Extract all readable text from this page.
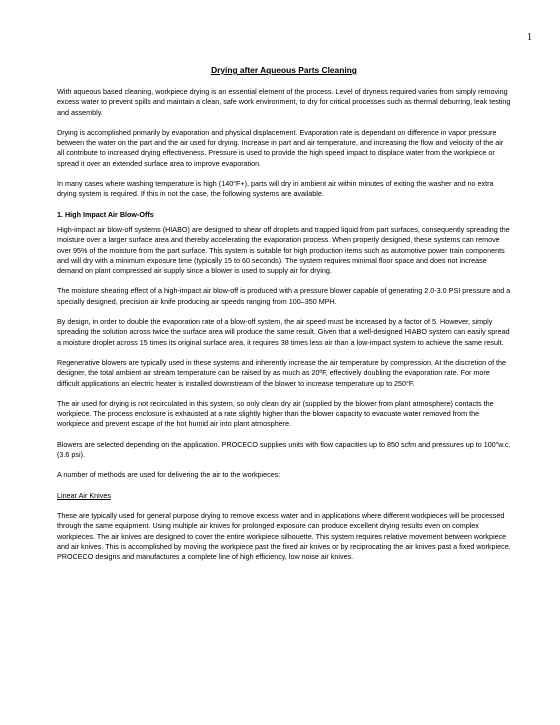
1
Drying after Aqueous Parts Cleaning

With aqueous based cleaning, workpiece drying is an essential element of the process. Level of dryness required varies from simply removing excess water to prevent spills and maintain a clean, safe work environment, to dry for critical processes such as thermal deburring, leak testing and assembly.

Drying is accomplished primarily by evaporation and physical displacement. Evaporation rate is dependant on difference in vapor pressure between the water on the part and the air used for drying. Increase in part and air temperature, and increasing the flow and velocity of the air all contribute to increased drying effectiveness. Pressure is used to provide the high speed impact to displace water from the workpiece or spread it over an extended surface area to improve evaporation.

In many cases where washing temperature is high (140°F+), parts will dry in ambient air within minutes of exiting the washer and no extra drying system is required. If this in not the case, the following systems are available.

1. High Impact Air Blow-Offs

High-impact air blow-off systems (HIABO) are designed to shear off droplets and trapped liquid from part surfaces, consequently spreading the moisture over a larger surface area and thereby accelerating the evaporation process. When properly designed, these systems can remove over 95% of the moisture from the part surface. This system is suitable for high production items such as automotive power train components and will dry with a minimum exposure time (typically 15 to 60 seconds). The system requires minimal floor space and does not increase demand on plant compressed air supply since a blower is used to supply air for drying.

The moisture shearing effect of a high-impact air blow-off is produced with a pressure blower capable of generating 2.0-3.0 PSI pressure and a specially designed, precision air knife producing air speeds ranging from 100–350 MPH.

By design, in order to double the evaporation rate of a blow-off system, the air speed must be increased by a factor of 5. However, simply spreading the solution across twice the surface area will produce the same result. Given that a well-designed HIABO system can easily spread a moisture droplet across 15 times its original surface area, it requires 38 times less air than a low-impact system to achieve the same result.

Regenerative blowers are typically used in these systems and inherently increase the air temperature by compression. At the discretion of the designer, the total ambient air stream temperature can be raised by as much as 20ºF, effectively doubling the evaporation rate. For more difficult applications an electric heater is installed downstream of the blower to increase temperature up to 250°F.

The air used for drying is not recirculated in this system, so only clean dry air (supplied by the blower from plant atmosphere) contacts the workpiece. The process enclosure is exhausted at a rate slightly higher than the blower capacity to evacuate water removed from the workpiece and prevent escape of the hot humid air into plant atmosphere.

Blowers are selected depending on the application. PROCECO supplies units with flow capacities up to 850 scfm and pressures up to 100"w.c. (3.6 psi).

A number of methods are used for delivering the air to the workpieces:

Linear Air Knives

These are typically used for general purpose drying to remove excess water and in applications where different workpieces will be processed through the same equipment. Using multiple air knives for prolonged exposure can produce excellent drying results even on complex workpieces. The air knives are designed to cover the entire workpiece silhouette. This system requires relative movement between workpiece and air knives. This is accomplished by moving the workpiece past the fixed air knives or by reciprocating the air knives past a fixed workpiece. PROCECO designs and manufactures a complete line of high efficiency, low noise air knives.
